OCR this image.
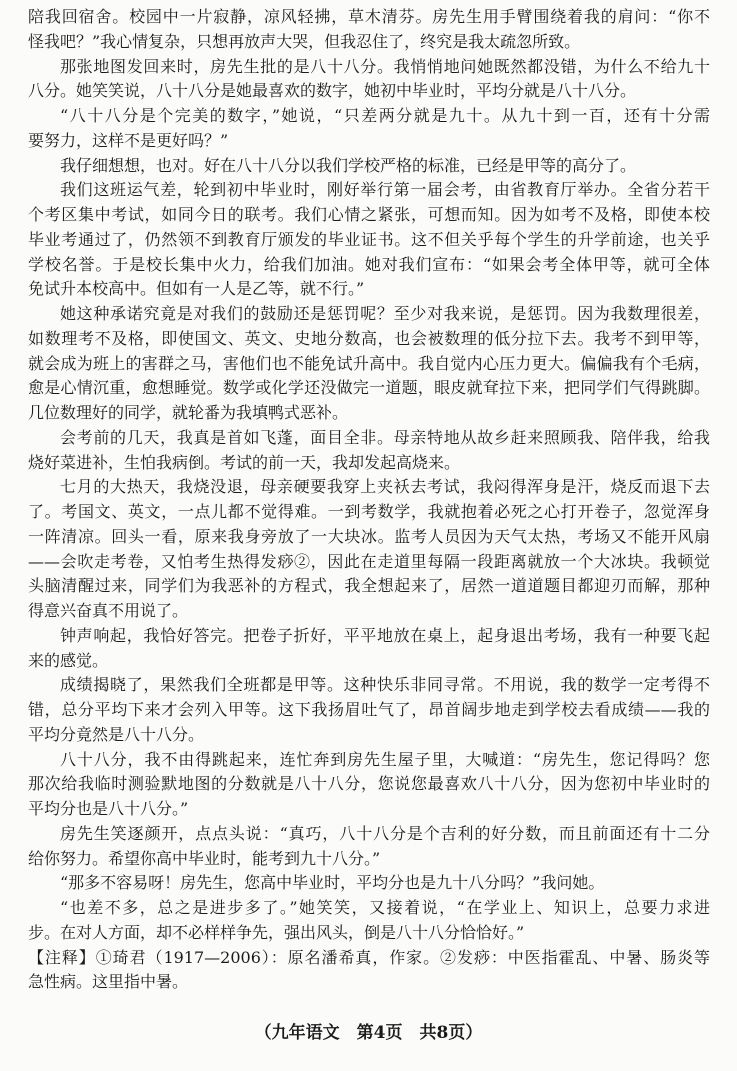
陪我回宿舍。校园中一片寂静，凉风轻拂，草木清芬。房先生用手臂围绕着我的肩问：“你不
怪我吧？”我心情复杂，只想再放声大哭，但我忍住了，终究是我太疏忽所致。
那张地图发回来时，房先生批的是八十八分。我悄悄地问她既然都没错，为什么不给九十
八分。她笑笑说，八十八分是她最喜欢的数字，她初中毕业时，平均分就是八十八分。
“八十八分是个完美的数字，”她说，“只差两分就是九十。从九十到一百，还有十分需
要努力，这样不是更好吗？”
我仔细想想，也对。好在八十八分以我们学校严格的标准，已经是甲等的高分了。
我们这班运气差，轮到初中毕业时，刚好举行第一届会考，由省教育厅举办。全省分若干
个考区集中考试，如同今日的联考。我们心情之紧张，可想而知。因为如考不及格，即使本校
毕业考通过了，仍然领不到教育厅颁发的毕业证书。这不但关乎每个学生的升学前途，也关乎
学校名誉。于是校长集中火力，给我们加油。她对我们宣布：“如果会考全体甲等，就可全体
免试升本校高中。但如有一人是乙等，就不行。”
她这种承诺究竟是对我们的鼓励还是惩罚呢？至少对我来说，是惩罚。因为我数理很差，
如数理考不及格，即使国文、英文、史地分数高，也会被数理的低分拉下去。我考不到甲等，
就会成为班上的害群之马，害他们也不能免试升高中。我自觉内心压力更大。偏偏我有个毛病，
愈是心情沉重，愈想睡觉。数学或化学还没做完一道题，眼皮就耷拉下来，把同学们气得跳脚。
几位数理好的同学，就轮番为我填鸭式恶补。
会考前的几天，我真是首如飞蓬，面目全非。母亲特地从故乡赶来照顾我、陪伴我，给我
烧好菜进补，生怕我病倒。考试的前一天，我却发起高烧来。
七月的大热天，我烧没退，母亲硬要我穿上夹袄去考试，我闷得浑身是汗，烧反而退下去
了。考国文、英文，一点儿都不觉得难。一到考数学，我就抱着必死之心打开卷子，忽觉浑身
一阵清凉。回头一看，原来我身旁放了一大块冰。监考人员因为天气太热，考场又不能开风扇
——会吹走考卷，又怕考生热得发痧②，因此在走道里每隔一段距离就放一个大冰块。我顿觉
头脑清醒过来，同学们为我恶补的方程式，我全想起来了，居然一道道题目都迎刃而解，那种
得意兴奋真不用说了。
钟声响起，我恰好答完。把卷子折好，平平地放在桌上，起身退出考场，我有一种要飞起
来的感觉。
成绩揭晓了，果然我们全班都是甲等。这种快乐非同寻常。不用说，我的数学一定考得不
错，总分平均下来才会列入甲等。这下我扬眉吐气了，昂首阔步地走到学校去看成绩——我的
平均分竟然是八十八分。
八十八分，我不由得跳起来，连忙奔到房先生屋子里，大喊道：“房先生，您记得吗？您
那次给我临时测验默地图的分数就是八十八分，您说您最喜欢八十八分，因为您初中毕业时的
平均分也是八十八分。”
房先生笑逐颜开，点点头说：“真巧，八十八分是个吉利的好分数，而且前面还有十二分
给你努力。希望你高中毕业时，能考到九十八分。”
“那多不容易呀！房先生，您高中毕业时，平均分也是九十八分吗？”我问她。
“也差不多，总之是进步多了。”她笑笑，又接着说，“在学业上、知识上，总要力求进
步。在对人方面，却不必样样争先，强出风头，倒是八十八分恰恰好。”
【注释】①琦君（1917—2006）：原名潘希真，作家。②发痧：中医指霍乱、中暑、肠炎等
急性病。这里指中暑。
（九年语文　第4页　共8页）
